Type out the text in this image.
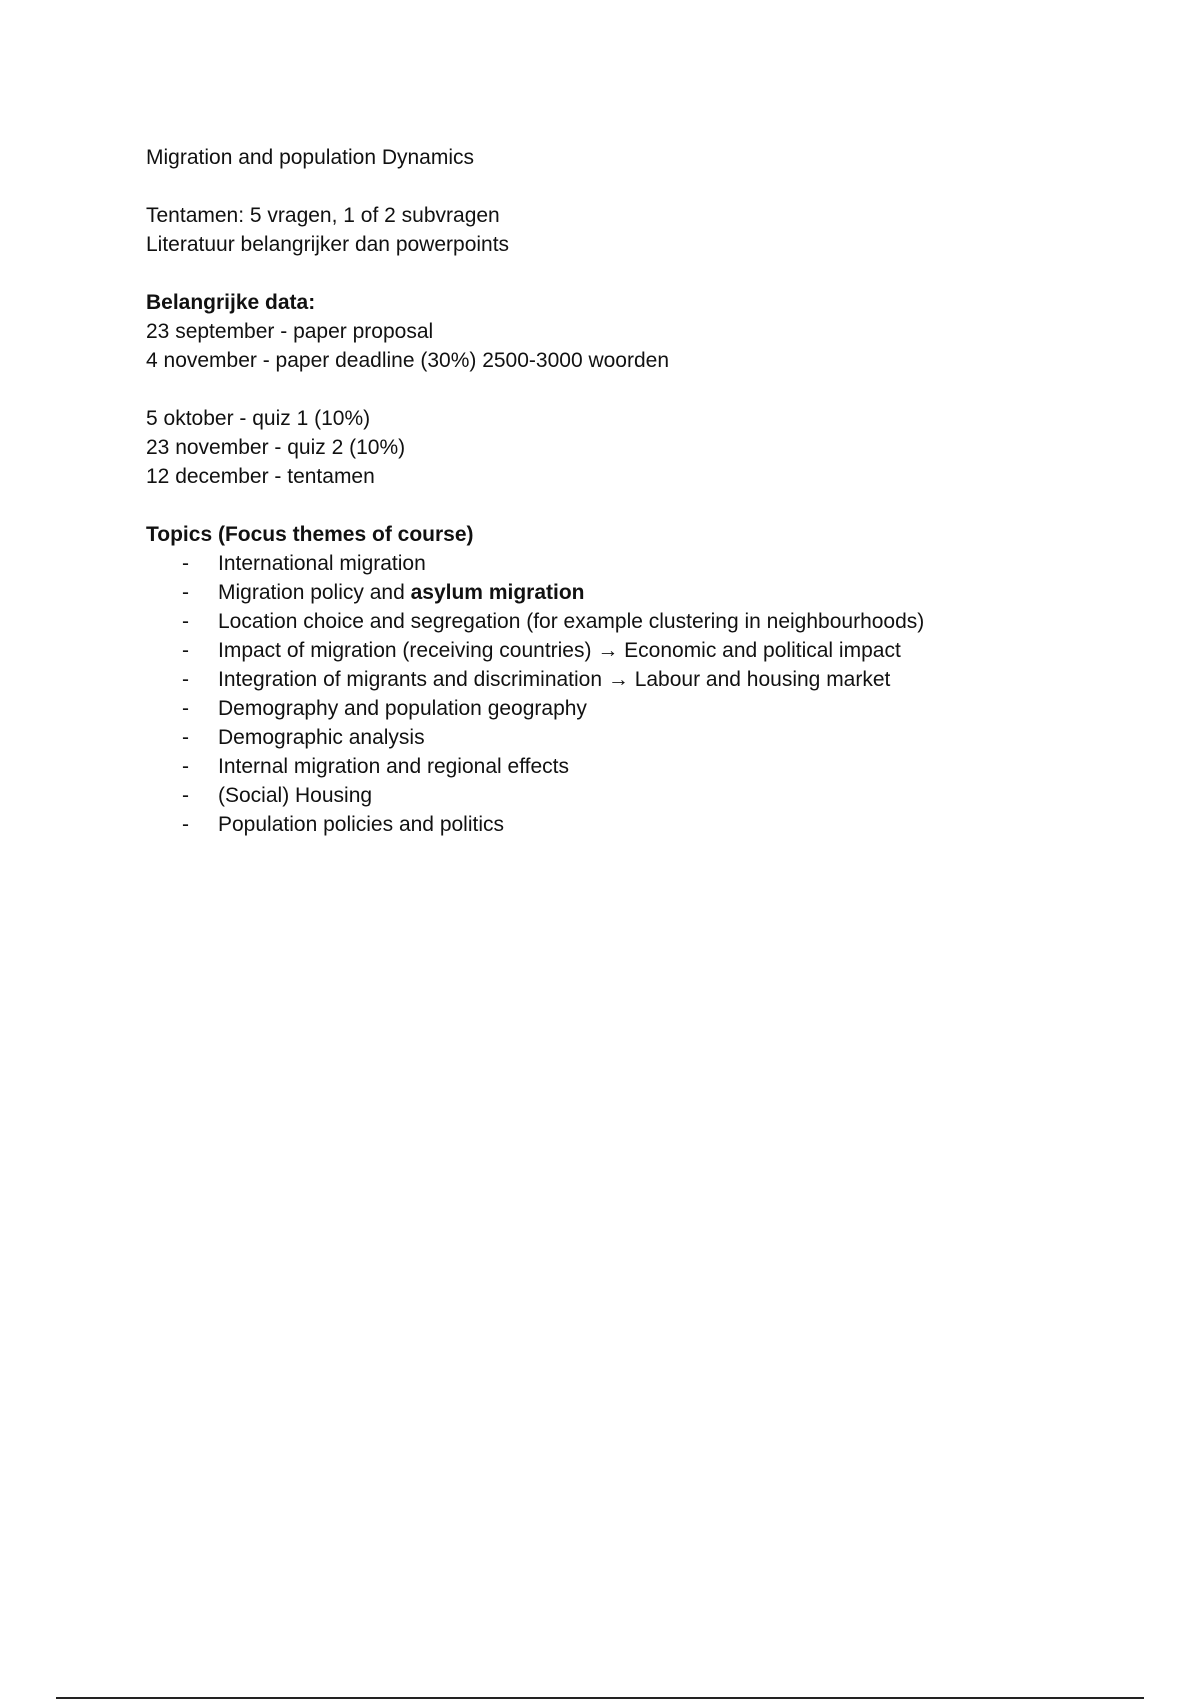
Migration and population Dynamics

Tentamen: 5 vragen, 1 of 2 subvragen

Literatuur belangrijker dan powerpoints

Belangrijke data:

23 september - paper proposal

4 november - paper deadline (30%) 2500-3000 woorden

5 oktober - quiz 1 (10%)

23 november - quiz 2 (10%)

12 december - tentamen

Topics (Focus themes of course)

- International migration
- Migration policy and asylum migration
- Location choice and segregation (for example clustering in neighbourhoods)
- Impact of migration (receiving countries) → Economic and political impact
- Integration of migrants and discrimination → Labour and housing market
- Demography and population geography
- Demographic analysis
- Internal migration and regional effects
- (Social) Housing
- Population policies and politics
